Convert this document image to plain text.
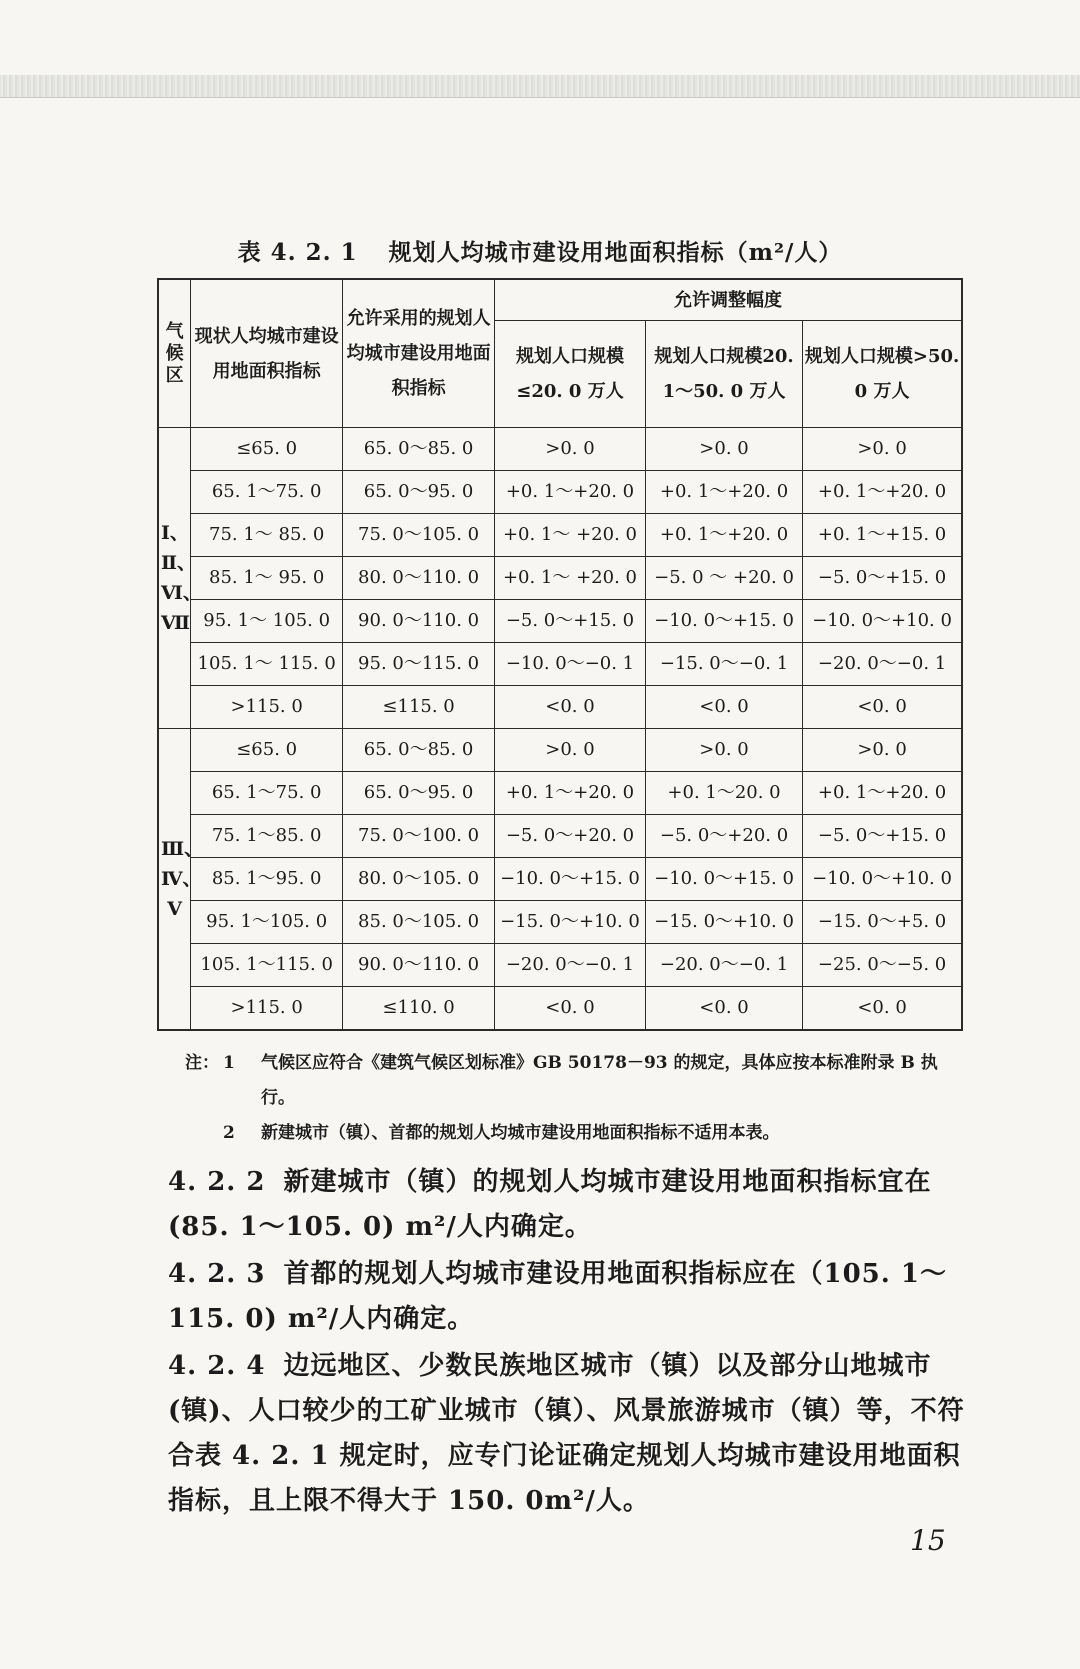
表 4. 2. 1 规划人均城市建设用地面积指标（m²/人）
气候区	现状人均城市建设用地面积指标	允许采用的规划人均城市建设用地面积指标	允许调整幅度		
			规划人口规模≤20. 0 万人	规划人口规模20. 1～50. 0 万人	规划人口规模>50. 0 万人
Ⅰ、Ⅱ、Ⅵ、Ⅶ	≤65. 0	65. 0～85. 0	>0. 0	>0. 0	>0. 0
	65. 1～75. 0	65. 0～95. 0	+0. 1～+20. 0	+0. 1～+20. 0	+0. 1～+20. 0
	75. 1～ 85. 0	75. 0～105. 0	+0. 1～ +20. 0	+0. 1～+20. 0	+0. 1～+15. 0
	85. 1～ 95. 0	80. 0～110. 0	+0. 1～ +20. 0	−5. 0 ～ +20. 0	−5. 0～+15. 0
	95. 1～ 105. 0	90. 0～110. 0	−5. 0～+15. 0	−10. 0～+15. 0	−10. 0～+10. 0
	105. 1～ 115. 0	95. 0～115. 0	−10. 0～−0. 1	−15. 0～−0. 1	−20. 0～−0. 1
	>115. 0	≤115. 0	<0. 0	<0. 0	<0. 0
Ⅲ、Ⅳ、Ⅴ	≤65. 0	65. 0～85. 0	>0. 0	>0. 0	>0. 0
	65. 1～75. 0	65. 0～95. 0	+0. 1～+20. 0	+0. 1～20. 0	+0. 1～+20. 0
	75. 1～85. 0	75. 0～100. 0	−5. 0～+20. 0	−5. 0～+20. 0	−5. 0～+15. 0
	85. 1～95. 0	80. 0～105. 0	−10. 0～+15. 0	−10. 0～+15. 0	−10. 0～+10. 0
	95. 1～105. 0	85. 0～105. 0	−15. 0～+10. 0	−15. 0～+10. 0	−15. 0～+5. 0
	105. 1～115. 0	90. 0～110. 0	−20. 0～−0. 1	−20. 0～−0. 1	−25. 0～−5. 0
	>115. 0	≤110. 0	<0. 0	<0. 0	<0. 0
注： 1	气候区应符合《建筑气候区划标准》GB 50178－93 的规定，具体应按本标准附录 B 执行。
2	新建城市（镇）、首都的规划人均城市建设用地面积指标不适用本表。

4. 2. 2 新建城市（镇）的规划人均城市建设用地面积指标宜在(85. 1～105. 0) m²/人内确定。

4. 2. 3 首都的规划人均城市建设用地面积指标应在（105. 1～115. 0) m²/人内确定。

4. 2. 4 边远地区、少数民族地区城市（镇）以及部分山地城市(镇)、人口较少的工矿业城市（镇）、风景旅游城市（镇）等，不符合表 4. 2. 1 规定时，应专门论证确定规划人均城市建设用地面积指标，且上限不得大于 150. 0m²/人。

15
